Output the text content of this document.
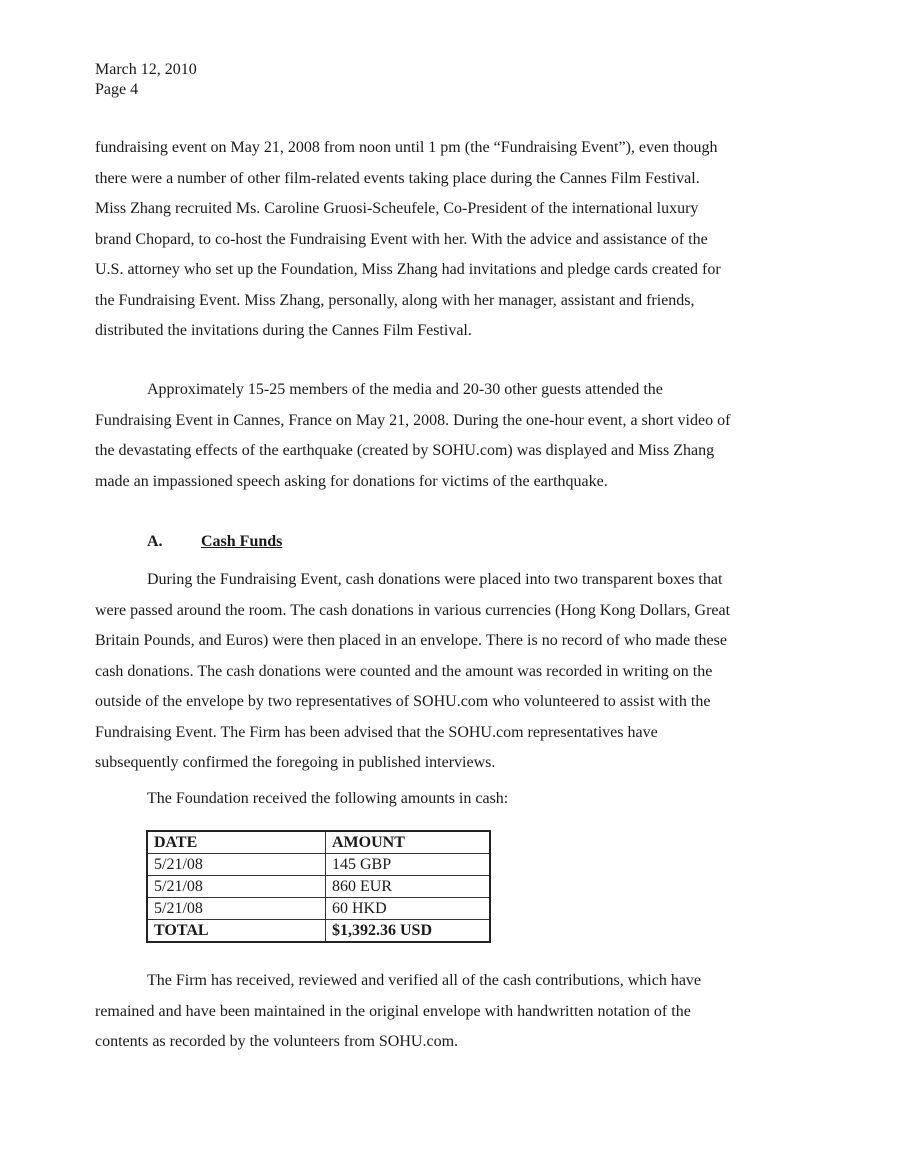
March 12, 2010
Page 4
fundraising event on May 21, 2008 from noon until 1 pm (the “Fundraising Event”), even though
there were a number of other film-related events taking place during the Cannes Film Festival.
Miss Zhang recruited Ms. Caroline Gruosi-Scheufele, Co-President of the international luxury
brand Chopard, to co-host the Fundraising Event with her. With the advice and assistance of the
U.S. attorney who set up the Foundation, Miss Zhang had invitations and pledge cards created for
the Fundraising Event. Miss Zhang, personally, along with her manager, assistant and friends,
distributed the invitations during the Cannes Film Festival.
Approximately 15-25 members of the media and 20-30 other guests attended the
Fundraising Event in Cannes, France on May 21, 2008. During the one-hour event, a short video of
the devastating effects of the earthquake (created by SOHU.com) was displayed and Miss Zhang
made an impassioned speech asking for donations for victims of the earthquake.
A. Cash Funds
During the Fundraising Event, cash donations were placed into two transparent boxes that
were passed around the room. The cash donations in various currencies (Hong Kong Dollars, Great
Britain Pounds, and Euros) were then placed in an envelope. There is no record of who made these
cash donations. The cash donations were counted and the amount was recorded in writing on the
outside of the envelope by two representatives of SOHU.com who volunteered to assist with the
Fundraising Event. The Firm has been advised that the SOHU.com representatives have
subsequently confirmed the foregoing in published interviews.
The Foundation received the following amounts in cash:
DATE	AMOUNT
5/21/08	145 GBP
5/21/08	860 EUR
5/21/08	60 HKD
TOTAL	$1,392.36 USD
The Firm has received, reviewed and verified all of the cash contributions, which have
remained and have been maintained in the original envelope with handwritten notation of the
contents as recorded by the volunteers from SOHU.com.
